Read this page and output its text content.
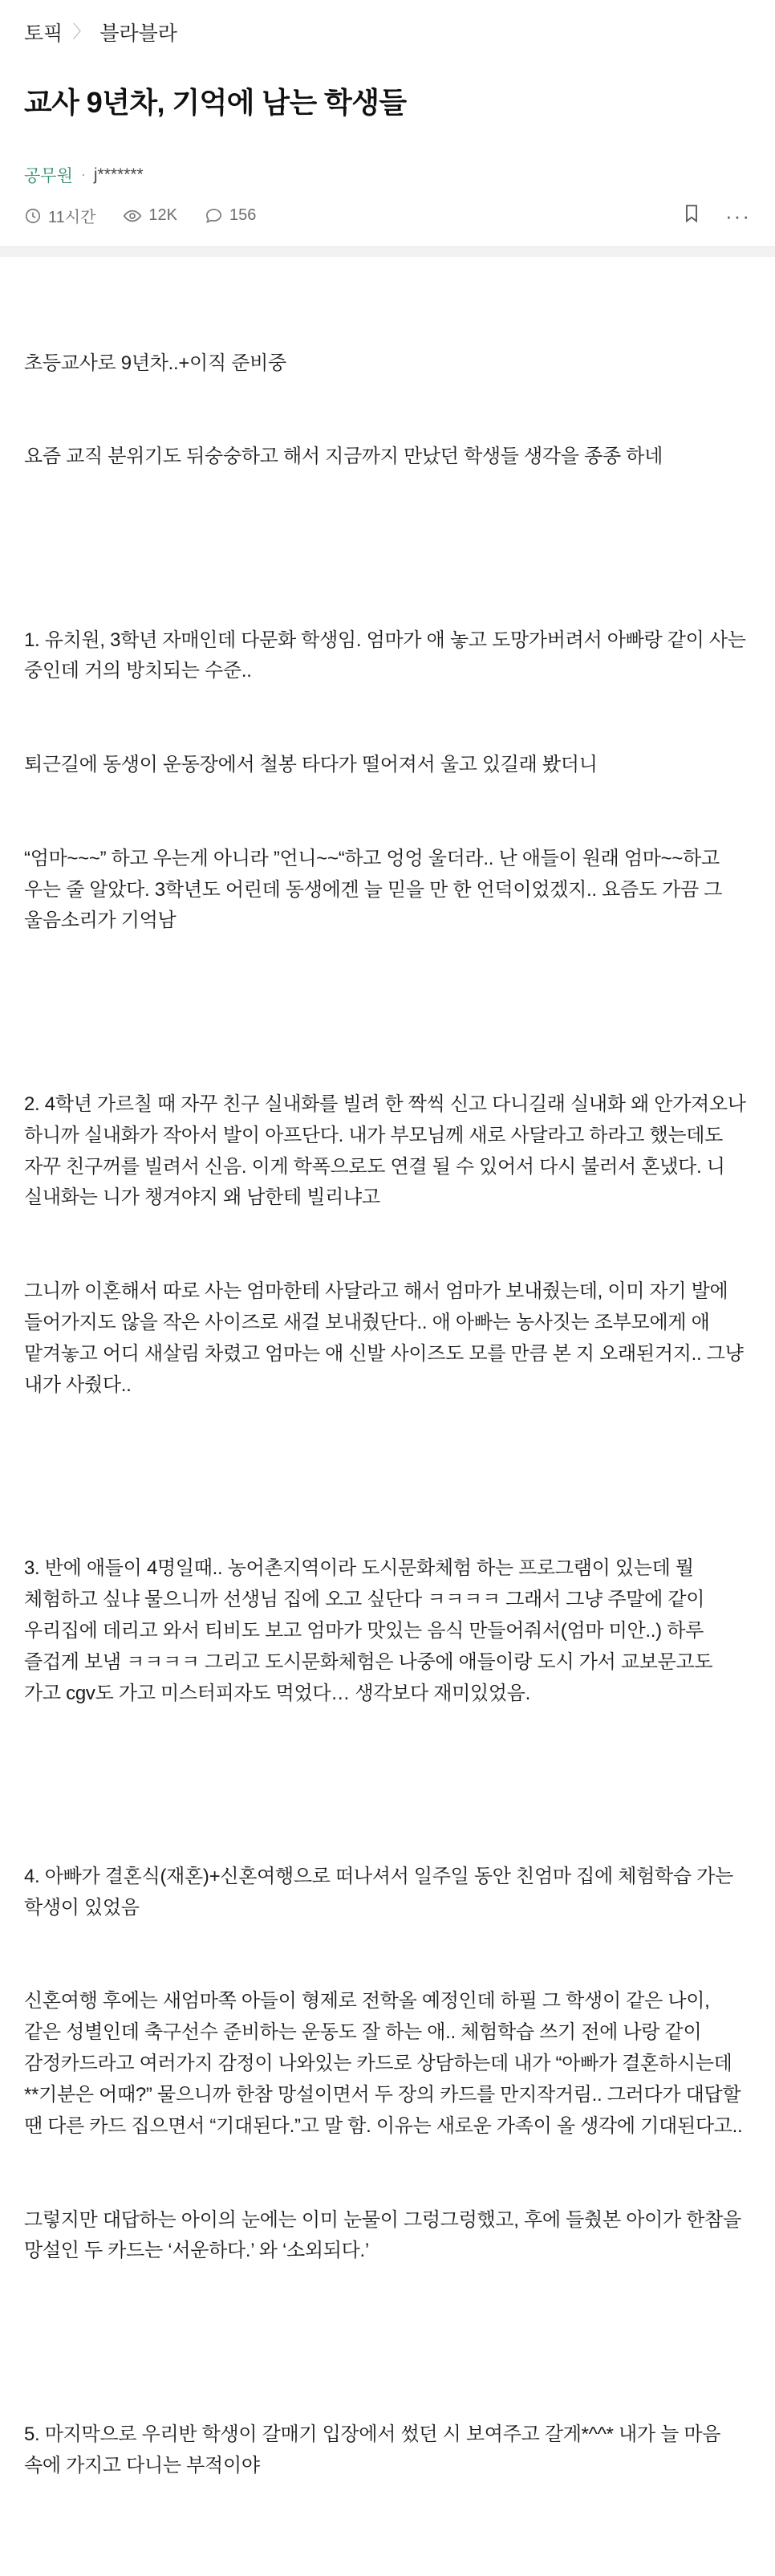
토픽 〉 블라블라
교사 9년차, 기억에 남는 학생들
공무원 · j*******
11시간	12K	156	···

초등교사로 9년차..+이직 준비중

요즘 교직 분위기도 뒤숭숭하고 해서 지금까지 만났던 학생들 생각을 종종 하네

1. 유치원, 3학년 자매인데 다문화 학생임. 엄마가 애 놓고 도망가버려서 아빠랑 같이 사는 중인데 거의 방치되는 수준..

퇴근길에 동생이 운동장에서 철봉 타다가 떨어져서 울고 있길래 봤더니

“엄마~~~” 하고 우는게 아니라 ”언니~~“하고 엉엉 울더라.. 난 애들이 원래 엄마~~하고 우는 줄 알았다. 3학년도 어린데 동생에겐 늘 믿을 만 한 언덕이었겠지.. 요즘도 가끔 그 울음소리가 기억남

2. 4학년 가르칠 때 자꾸 친구 실내화를 빌려 한 짝씩 신고 다니길래 실내화 왜 안가져오나 하니까 실내화가 작아서 발이 아프단다. 내가 부모님께 새로 사달라고 하라고 했는데도 자꾸 친구꺼를 빌려서 신음. 이게 학폭으로도 연결 될 수 있어서 다시 불러서 혼냈다. 니 실내화는 니가 챙겨야지 왜 남한테 빌리냐고

그니까 이혼해서 따로 사는 엄마한테 사달라고 해서 엄마가 보내줬는데, 이미 자기 발에 들어가지도 않을 작은 사이즈로 새걸 보내줬단다.. 애 아빠는 농사짓는 조부모에게 애 맡겨놓고 어디 새살림 차렸고 엄마는 애 신발 사이즈도 모를 만큼 본 지 오래된거지.. 그냥 내가 사줬다..

3. 반에 애들이 4명일때.. 농어촌지역이라 도시문화체험 하는 프로그램이 있는데 뭘 체험하고 싶냐 물으니까 선생님 집에 오고 싶단다 ㅋㅋㅋㅋ 그래서 그냥 주말에 같이 우리집에 데리고 와서 티비도 보고 엄마가 맛있는 음식 만들어줘서(엄마 미안..) 하루 즐겁게 보냄 ㅋㅋㅋㅋ 그리고 도시문화체험은 나중에 애들이랑 도시 가서 교보문고도 가고 cgv도 가고 미스터피자도 먹었다… 생각보다 재미있었음.

4. 아빠가 결혼식(재혼)+신혼여행으로 떠나셔서 일주일 동안 친엄마 집에 체험학습 가는 학생이 있었음

신혼여행 후에는 새엄마쪽 아들이 형제로 전학올 예정인데 하필 그 학생이 같은 나이, 같은 성별인데 축구선수 준비하는 운동도 잘 하는 애.. 체험학습 쓰기 전에 나랑 같이 감정카드라고 여러가지 감정이 나와있는 카드로 상담하는데 내가 “아빠가 결혼하시는데 **기분은 어때?” 물으니까 한참 망설이면서 두 장의 카드를 만지작거림.. 그러다가 대답할 땐 다른 카드 집으면서 “기대된다.”고 말 함. 이유는 새로운 가족이 올 생각에 기대된다고..

그렇지만 대답하는 아이의 눈에는 이미 눈물이 그렁그렁했고, 후에 들췄본 아이가 한참을 망설인 두 카드는 ‘서운하다.’ 와 ‘소외되다.’

5. 마지막으로 우리반 학생이 갈매기 입장에서 썼던 시 보여주고 갈게*^^* 내가 늘 마음 속에 가지고 다니는 부적이야
